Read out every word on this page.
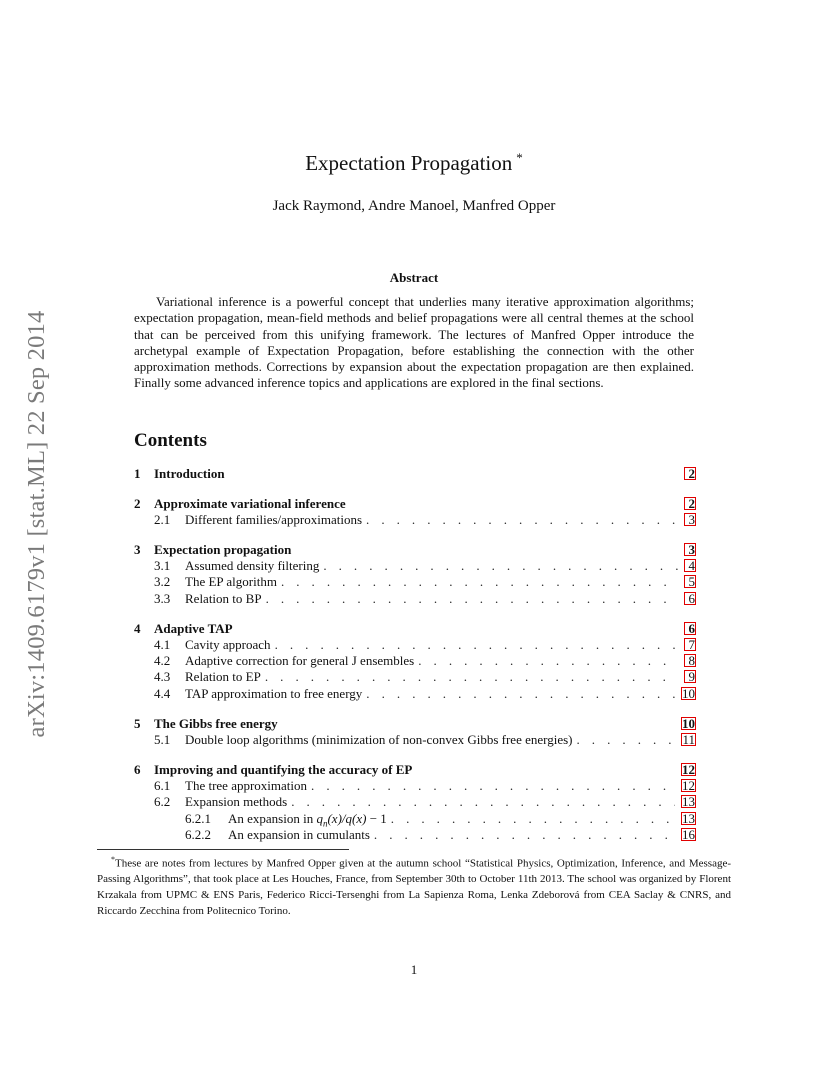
arXiv:1409.6179v1 [stat.ML] 22 Sep 2014
Expectation Propagation *
Jack Raymond, Andre Manoel, Manfred Opper
Abstract

Variational inference is a powerful concept that underlies many iterative approximation algorithms; expectation propagation, mean-field methods and belief propagations were all central themes at the school that can be perceived from this unifying framework. The lectures of Manfred Opper introduce the archetypal example of Expectation Propagation, before establishing the connection with the other approximation methods. Corrections by expansion about the expectation propagation are then explained. Finally some advanced inference topics and applications are explored in the final sections.

Contents
1	Introduction	2
2	Approximate variational inference	2
2.1	Different families/approximations . . .	3
3	Expectation propagation	3
3.1	Assumed density filtering . . .	4
3.2	The EP algorithm . . .	5
3.3	Relation to BP . . .	6
4	Adaptive TAP	6
4.1	Cavity approach . . .	7
4.2	Adaptive correction for general J ensembles . . .	8
4.3	Relation to EP . . .	9
4.4	TAP approximation to free energy . . .	10
5	The Gibbs free energy	10
5.1	Double loop algorithms (minimization of non-convex Gibbs free energies) . . .	11
6	Improving and quantifying the accuracy of EP	12
6.1	The tree approximation . . .	12
6.2	Expansion methods . . .	13
6.2.1	An expansion in $q_n(x)/q(x) - 1$ . . .	13
6.2.2	An expansion in cumulants . . .	16

*These are notes from lectures by Manfred Opper given at the autumn school “Statistical Physics, Optimization, Inference, and Message-Passing Algorithms”, that took place at Les Houches, France, from September 30th to October 11th 2013. The school was organized by Florent Krzakala from UPMC & ENS Paris, Federico Ricci-Tersenghi from La Sapienza Roma, Lenka Zdeborová from CEA Saclay & CNRS, and Riccardo Zecchina from Politecnico Torino.

1
